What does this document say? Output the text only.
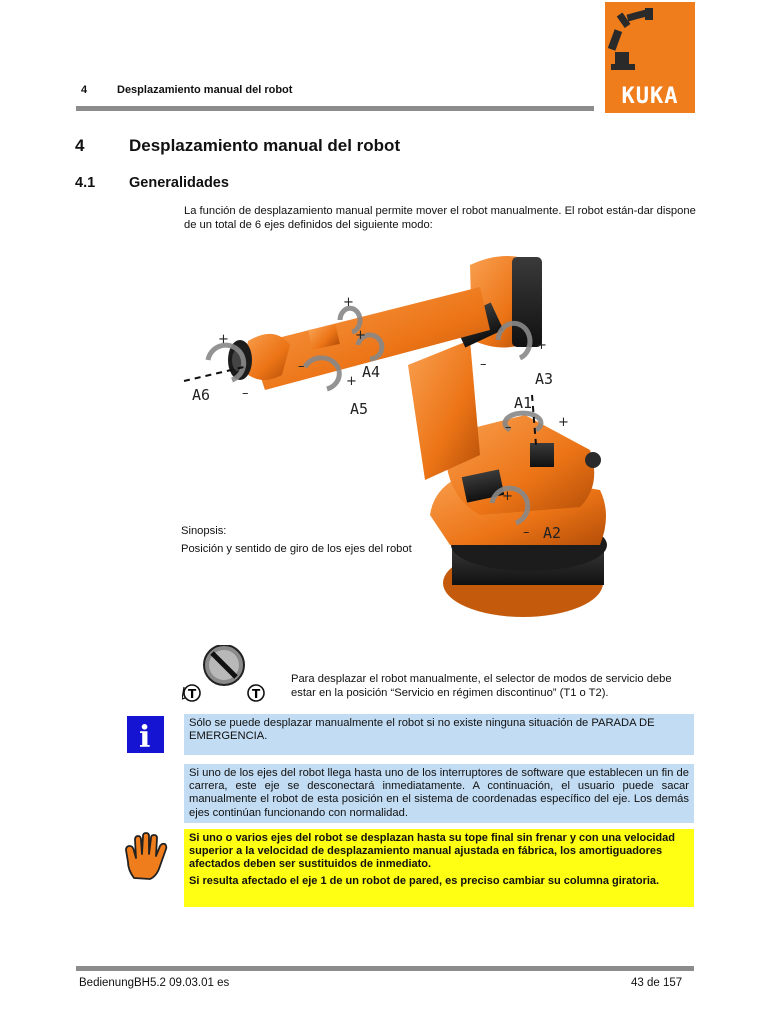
4	Desplazamiento manual del robot	KUKA
4	Desplazamiento manual del robot
4.1 Generalidades
La función de desplazamiento manual permite mover el robot manualmente. El robot están-dar dispone de un total de 6 ejes definidos del siguiente modo:
A6
A5
A4	A3
A1
A2
+
–
+
+
+
–
+
–
+
–
+
–
Sinopsis:
Posición y sentido de giro de los ejes del robot
T	T
Para desplazar el robot manualmente, el selector de modos de servicio debe estar en la posición “Servicio en régimen discontinuo” (T1 o T2).
i	Sólo se puede desplazar manualmente el robot si no existe ninguna situación de PARADA DE EMERGENCIA.
Si uno de los ejes del robot llega hasta uno de los interruptores de software que establecen un fin de carrera, este eje se desconectará inmediatamente. A continuación, el usuario puede sacar manualmente el robot de esta posición en el sistema de coordenadas específico del eje. Los demás ejes continúan funcionando con normalidad.

Si uno o varios ejes del robot se desplazan hasta su tope final sin frenar y con una velocidad superior a la velocidad de desplazamiento manual ajustada en fábrica, los amortiguadores afectados deben ser sustituidos de inmediato.

Si resulta afectado el eje 1 de un robot de pared, es preciso cambiar su columna giratoria.

BedienungBH5.2 09.03.01 es	43 de 157
